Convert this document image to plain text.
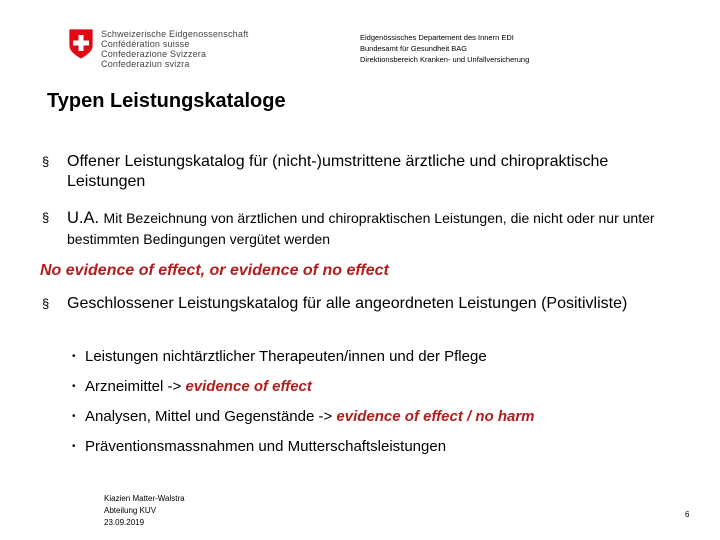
Schweizerische Eidgenossenschaft
Confédération suisse
Confederazione Svizzera
Confederaziun svizra
Eidgenössisches Departement des Innern EDI
Bundesamt für Gesundheit BAG
Direktionsbereich Kranken- und Unfallversicherung
Typen Leistungskataloge
§ Offener Leistungskatalog für (nicht-)umstrittene ärztliche und chiropraktische Leistungen
§ U.A. Mit Bezeichnung von ärztlichen und chiropraktischen Leistungen, die nicht oder nur unter bestimmten Bedingungen vergütet werden
No evidence of effect, or evidence of no effect
§ Geschlossener Leistungskatalog für alle angeordneten Leistungen (Positivliste)
• Leistungen nichtärztlicher Therapeuten/innen und der Pflege
• Arzneimittel -> evidence of effect
• Analysen, Mittel und Gegenstände -> evidence of effect / no harm
• Präventionsmassnahmen und Mutterschaftsleistungen
Kiazien Matter-Walstra
Abteilung KUV
23.09.2019
6
